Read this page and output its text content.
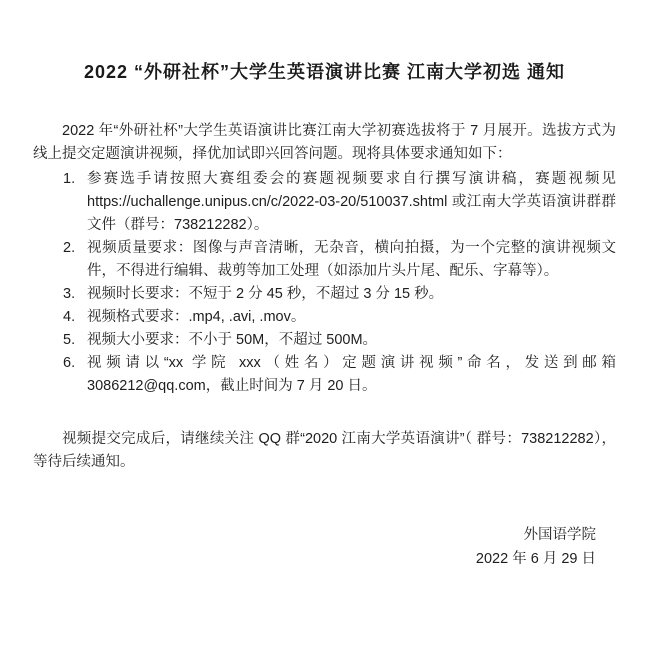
2022 “外研社杯”大学生英语演讲比赛 江南大学初选 通知

2022 年“外研社杯”大学生英语演讲比赛江南大学初赛选拔将于 7 月展开。选拔方式为线上提交定题演讲视频，择优加试即兴回答问题。现将具体要求通知如下：

1. 参赛选手请按照大赛组委会的赛题视频要求自行撰写演讲稿，赛题视频见 https://uchallenge.unipus.cn/c/2022-03-20/510037.shtml 或江南大学英语演讲群群文件（群号：738212282）。
2. 视频质量要求：图像与声音清晰，无杂音，横向拍摄，为一个完整的演讲视频文件，不得进行编辑、裁剪等加工处理（如添加片头片尾、配乐、字幕等）。
3. 视频时长要求：不短于 2 分 45 秒，不超过 3 分 15 秒。
4. 视频格式要求：.mp4, .avi, .mov。
5. 视频大小要求：不小于 50M，不超过 500M。
6. 视频请以“xx 学院 xxx（姓名）定题演讲视频”命名，发送到邮箱 3086212@qq.com，截止时间为 7 月 20 日。

视频提交完成后，请继续关注 QQ 群“2020 江南大学英语演讲”（ 群号：738212282），等待后续通知。

外国语学院
2022 年 6 月 29 日
